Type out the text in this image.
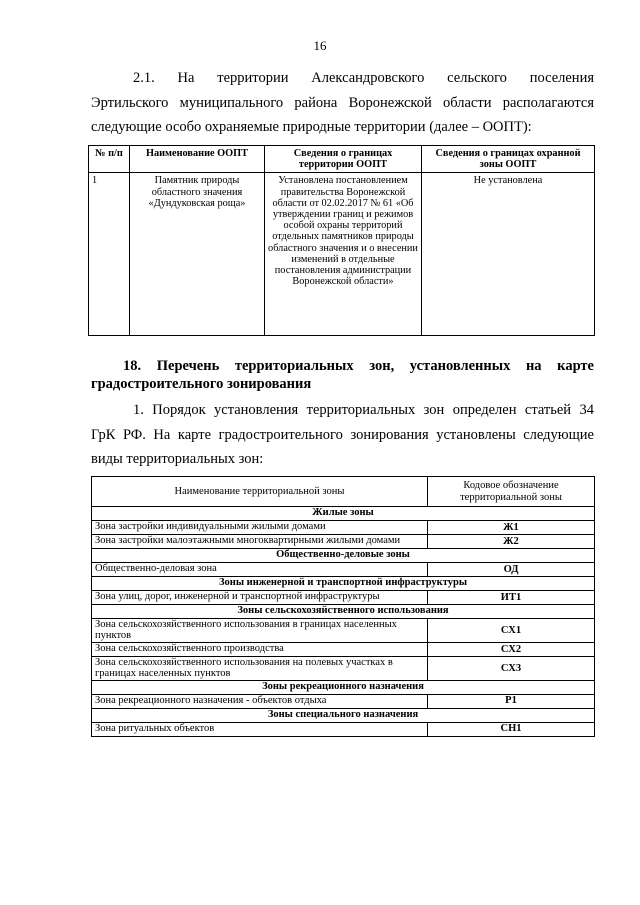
16
2.1. На территории Александровского сельского поселения
Эртильского муниципального района Воронежской области располагаются
следующие особо охраняемые природные территории (далее – ООПТ):
№ п/п	Наименование ООПТ	Сведения о границах территории ООПТ	Сведения о границах охранной зоны ООПТ
1	Памятник природы областного значения «Дундуковская роща»	Установлена постановлением правительства Воронежской области от 02.02.2017 № 61 «Об утверждении границ и режимов особой охраны территорий отдельных памятников природы областного значения и о внесении изменений в отдельные постановления администрации Воронежской области»	Не установлена
18. Перечень территориальных зон, установленных на карте
градостроительного зонирования
1. Порядок установления территориальных зон определен статьей 34
ГрК РФ. На карте градостроительного зонирования установлены следующие
виды территориальных зон:
Наименование территориальной зоны	Кодовое обозначение территориальной зоны
Жилые зоны	
Зона застройки индивидуальными жилыми домами	Ж1
Зона застройки малоэтажными многоквартирными жилыми домами	Ж2
Общественно-деловые зоны	
Общественно-деловая зона	ОД
Зоны инженерной и транспортной инфраструктуры	
Зона улиц, дорог, инженерной и транспортной инфраструктуры	ИТ1
Зоны сельскохозяйственного использования	
Зона сельскохозяйственного использования в границах населенных пунктов	СХ1
Зона сельскохозяйственного производства	СХ2
Зона сельскохозяйственного использования на полевых участках в границах населенных пунктов	СХ3
Зоны рекреационного назначения	
Зона рекреационного назначения - объектов отдыха	Р1
Зоны специального назначения	
Зона ритуальных объектов	СН1
